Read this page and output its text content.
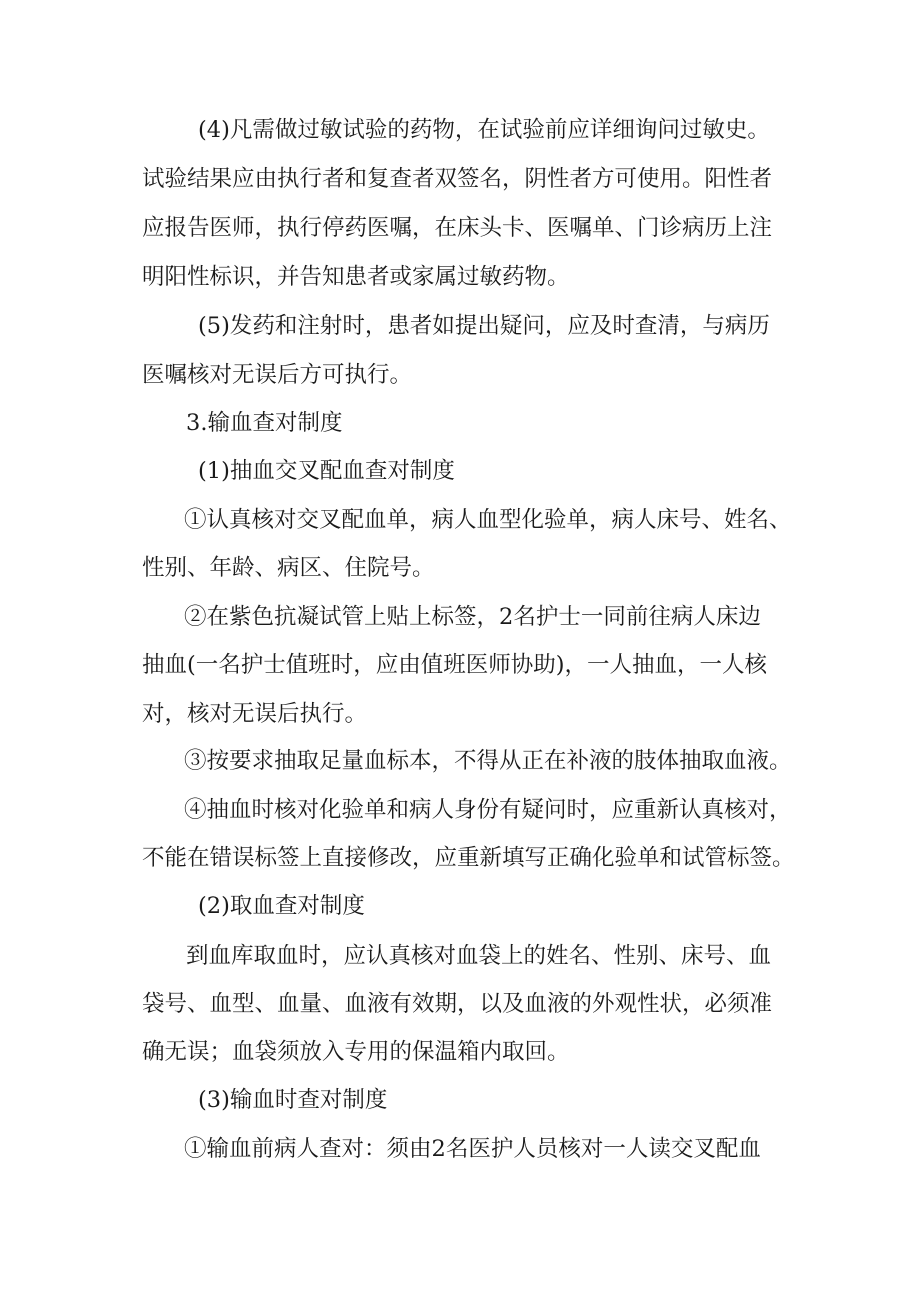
(4)凡需做过敏试验的药物，在试验前应详细询问过敏史。
试验结果应由执行者和复查者双签名，阴性者方可使用。阳性者
应报告医师，执行停药医嘱，在床头卡、医嘱单、门诊病历上注
明阳性标识，并告知患者或家属过敏药物。
(5)发药和注射时，患者如提出疑问，应及时查清，与病历
医嘱核对无误后方可执行。
3.输血查对制度
(1)抽血交叉配血查对制度
①认真核对交叉配血单，病人血型化验单，病人床号、姓名、
性别、年龄、病区、住院号。
②在紫色抗凝试管上贴上标签，2名护士一同前往病人床边
抽血(一名护士值班时，应由值班医师协助)，一人抽血，一人核
对，核对无误后执行。
③按要求抽取足量血标本，不得从正在补液的肢体抽取血液。
④抽血时核对化验单和病人身份有疑问时，应重新认真核对，
不能在错误标签上直接修改，应重新填写正确化验单和试管标签。
(2)取血查对制度
到血库取血时，应认真核对血袋上的姓名、性别、床号、血
袋号、血型、血量、血液有效期，以及血液的外观性状，必须准
确无误；血袋须放入专用的保温箱内取回。
(3)输血时查对制度
①输血前病人查对：须由2名医护人员核对一人读交叉配血
